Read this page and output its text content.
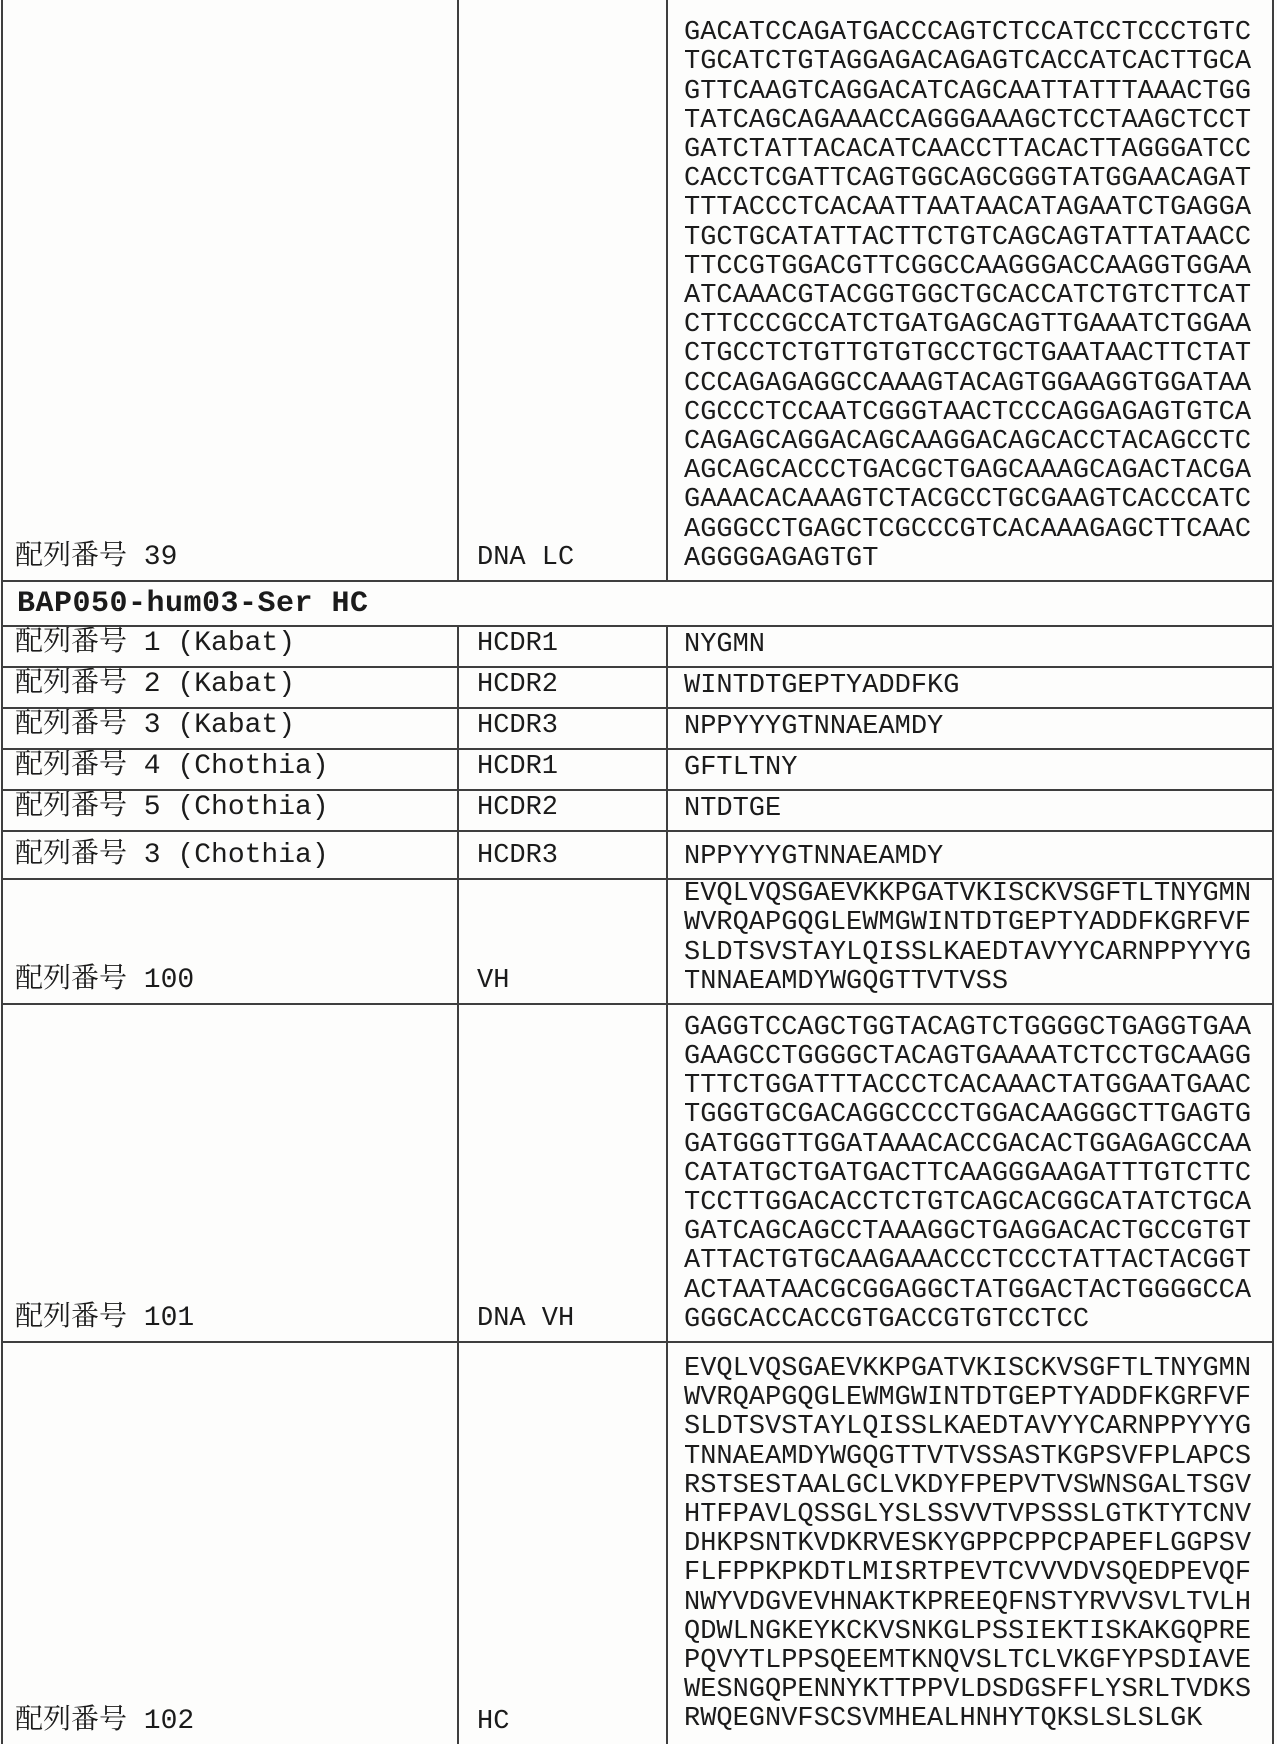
配列番号 39	DNA LC
GACATCCAGATGACCCAGTCTCCATCCTCCCTGTC
TGCATCTGTAGGAGACAGAGTCACCATCACTTGCA
GTTCAAGTCAGGACATCAGCAATTATTTAAACTGG
TATCAGCAGAAACCAGGGAAAGCTCCTAAGCTCCT
GATCTATTACACATCAACCTTACACTTAGGGATCC
CACCTCGATTCAGTGGCAGCGGGTATGGAACAGAT
TTTACCCTCACAATTAATAACATAGAATCTGAGGA
TGCTGCATATTACTTCTGTCAGCAGTATTATAACC
TTCCGTGGACGTTCGGCCAAGGGACCAAGGTGGAA
ATCAAACGTACGGTGGCTGCACCATCTGTCTTCAT
CTTCCCGCCATCTGATGAGCAGTTGAAATCTGGAA
CTGCCTCTGTTGTGTGCCTGCTGAATAACTTCTAT
CCCAGAGAGGCCAAAGTACAGTGGAAGGTGGATAA
CGCCCTCCAATCGGGTAACTCCCAGGAGAGTGTCA
CAGAGCAGGACAGCAAGGACAGCACCTACAGCCTC
AGCAGCACCCTGACGCTGAGCAAAGCAGACTACGA
GAAACACAAAGTCTACGCCTGCGAAGTCACCCATC
AGGGCCTGAGCTCGCCCGTCACAAAGAGCTTCAAC
AGGGGAGAGTGT
BAP050-hum03-Ser HC
配列番号 1 (Kabat)	HCDR1	NYGMN
配列番号 2 (Kabat)	HCDR2	WINTDTGEPTYADDFKG
配列番号 3 (Kabat)	HCDR3	NPPYYYGTNNAEAMDY
配列番号 4 (Chothia)	HCDR1	GFTLTNY
配列番号 5 (Chothia)	HCDR2	NTDTGE
配列番号 3 (Chothia)	HCDR3	NPPYYYGTNNAEAMDY
配列番号 100	VH
EVQLVQSGAEVKKPGATVKISCKVSGFTLTNYGMN
WVRQAPGQGLEWMGWINTDTGEPTYADDFKGRFVF
SLDTSVSTAYLQISSLKAEDTAVYYCARNPPYYYG
TNNAEAMDYWGQGTTVTVSS
配列番号 101	DNA VH
GAGGTCCAGCTGGTACAGTCTGGGGCTGAGGTGAA
GAAGCCTGGGGCTACAGTGAAAATCTCCTGCAAGG
TTTCTGGATTTACCCTCACAAACTATGGAATGAAC
TGGGTGCGACAGGCCCCTGGACAAGGGCTTGAGTG
GATGGGTTGGATAAACACCGACACTGGAGAGCCAA
CATATGCTGATGACTTCAAGGGAAGATTTGTCTTC
TCCTTGGACACCTCTGTCAGCACGGCATATCTGCA
GATCAGCAGCCTAAAGGCTGAGGACACTGCCGTGT
ATTACTGTGCAAGAAACCCTCCCTATTACTACGGT
ACTAATAACGCGGAGGCTATGGACTACTGGGGCCA
GGGCACCACCGTGACCGTGTCCTCC
配列番号 102	HC
EVQLVQSGAEVKKPGATVKISCKVSGFTLTNYGMN
WVRQAPGQGLEWMGWINTDTGEPTYADDFKGRFVF
SLDTSVSTAYLQISSLKAEDTAVYYCARNPPYYYG
TNNAEAMDYWGQGTTVTVSSASTKGPSVFPLAPCS
RSTSESTAALGCLVKDYFPEPVTVSWNSGALTSGV
HTFPAVLQSSGLYSLSSVVTVPSSSLGTKTYTCNV
DHKPSNTKVDKRVESKYGPPCPPCPAPEFLGGPSV
FLFPPKPKDTLMISRTPEVTCVVVDVSQEDPEVQF
NWYVDGVEVHNAKTKPREEQFNSTYRVVSVLTVLH
QDWLNGKEYKCKVSNKGLPSSIEKTISKAKGQPRE
PQVYTLPPSQEEMTKNQVSLTCLVKGFYPSDIAVE
WESNGQPENNYKTTPPVLDSDGSFFLYSRLTVDKS
RWQEGNVFSCSVMHEALHNHYTQKSLSLSLGK
